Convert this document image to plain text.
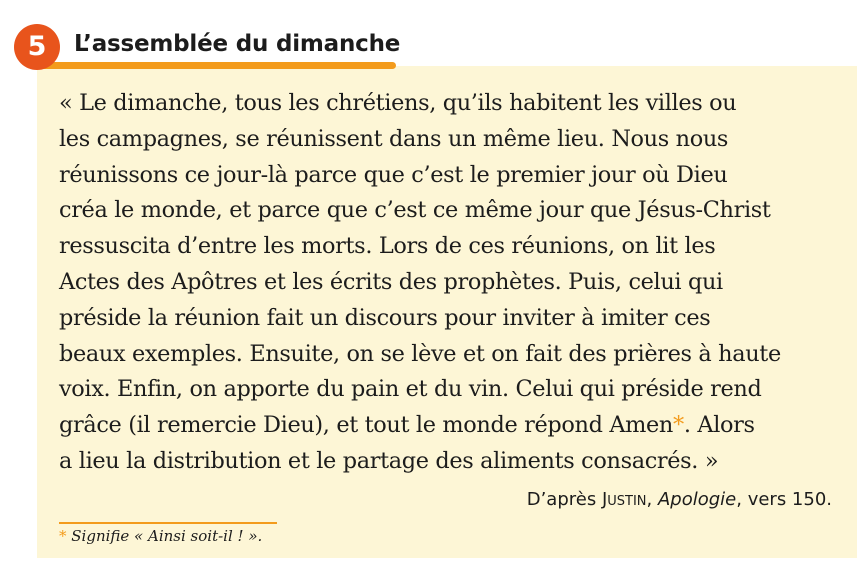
5	L’assemblée du dimanche

« Le dimanche, tous les chrétiens, qu’ils habitent les villes ou
les campagnes, se réunissent dans un même lieu. Nous nous
réunissons ce jour-là parce que c’est le premier jour où Dieu
créa le monde, et parce que c’est ce même jour que Jésus-Christ
ressuscita d’entre les morts. Lors de ces réunions, on lit les
Actes des Apôtres et les écrits des prophètes. Puis, celui qui
préside la réunion fait un discours pour inviter à imiter ces
beaux exemples. Ensuite, on se lève et on fait des prières à haute
voix. Enfin, on apporte du pain et du vin. Celui qui préside rend
grâce (il remercie Dieu), et tout le monde répond Amen*. Alors
a lieu la distribution et le partage des aliments consacrés. »

D’après Justin, Apologie, vers 150.
* Signifie « Ainsi soit-il ! ».
